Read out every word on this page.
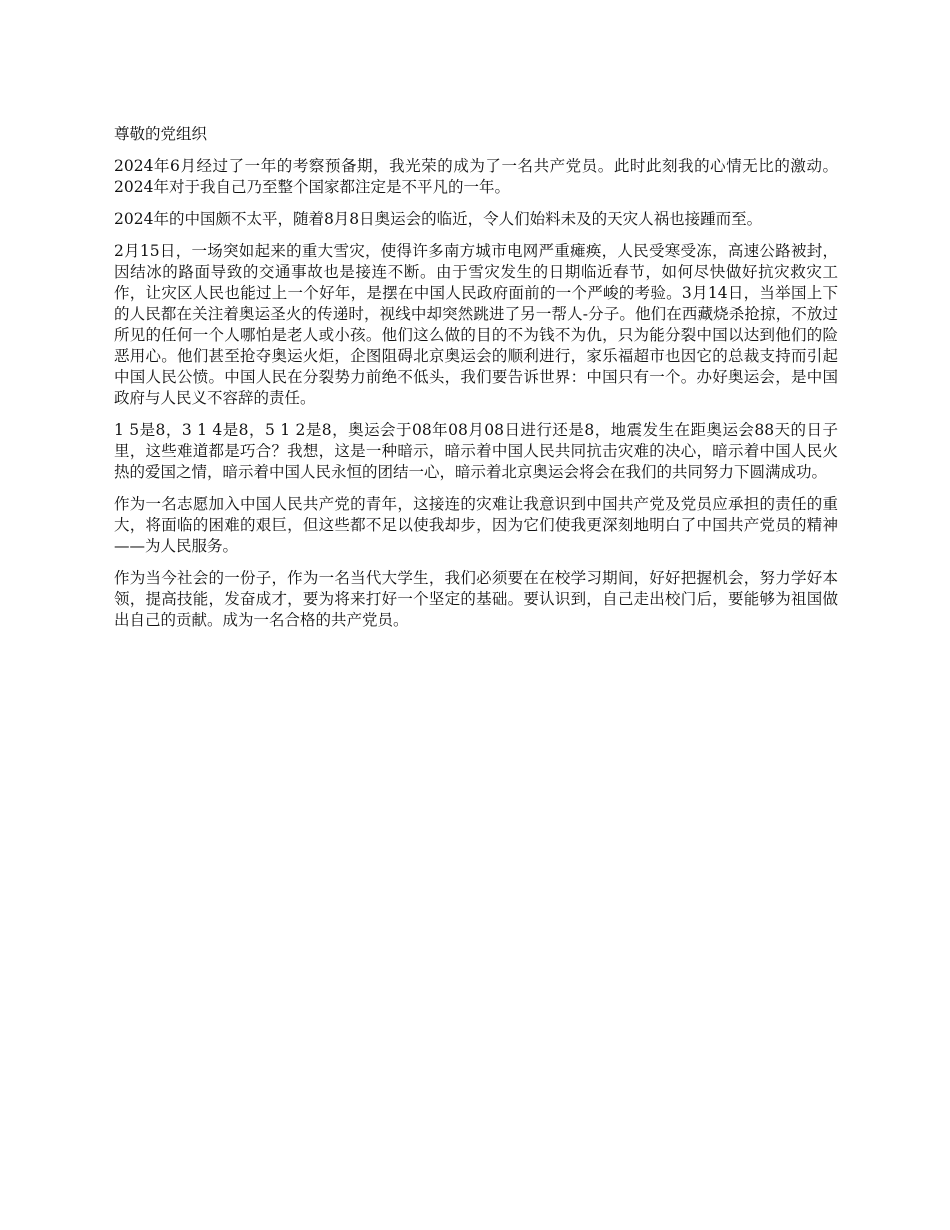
尊敬的党组织

2024年6月经过了一年的考察预备期，我光荣的成为了一名共产党员。此时此刻我的心情无比的激动。2024年对于我自己乃至整个国家都注定是不平凡的一年。

2024年的中国颇不太平，随着8月8日奥运会的临近，令人们始料未及的天灾人祸也接踵而至。

2月15日，一场突如起来的重大雪灾，使得许多南方城市电网严重瘫痪，人民受寒受冻，高速公路被封，因结冰的路面导致的交通事故也是接连不断。由于雪灾发生的日期临近春节，如何尽快做好抗灾救灾工作，让灾区人民也能过上一个好年，是摆在中国人民政府面前的一个严峻的考验。3月14日，当举国上下的人民都在关注着奥运圣火的传递时，视线中却突然跳进了另一帮人-分子。他们在西藏烧杀抢掠，不放过所见的任何一个人哪怕是老人或小孩。他们这么做的目的不为钱不为仇，只为能分裂中国以达到他们的险恶用心。他们甚至抢夺奥运火炬，企图阻碍北京奥运会的顺利进行，家乐福超市也因它的总裁支持而引起中国人民公愤。中国人民在分裂势力前绝不低头，我们要告诉世界：中国只有一个。办好奥运会，是中国政府与人民义不容辞的责任。

1 5是8，3 1 4是8，5 1 2是8，奥运会于08年08月08日进行还是8，地震发生在距奥运会88天的日子里，这些难道都是巧合？我想，这是一种暗示，暗示着中国人民共同抗击灾难的决心，暗示着中国人民火热的爱国之情，暗示着中国人民永恒的团结一心，暗示着北京奥运会将会在我们的共同努力下圆满成功。

作为一名志愿加入中国人民共产党的青年，这接连的灾难让我意识到中国共产党及党员应承担的责任的重大，将面临的困难的艰巨，但这些都不足以使我却步，因为它们使我更深刻地明白了中国共产党员的精神——为人民服务。

作为当今社会的一份子，作为一名当代大学生，我们必须要在在校学习期间，好好把握机会，努力学好本领，提高技能，发奋成才，要为将来打好一个坚定的基础。要认识到，自己走出校门后，要能够为祖国做出自己的贡献。成为一名合格的共产党员。
